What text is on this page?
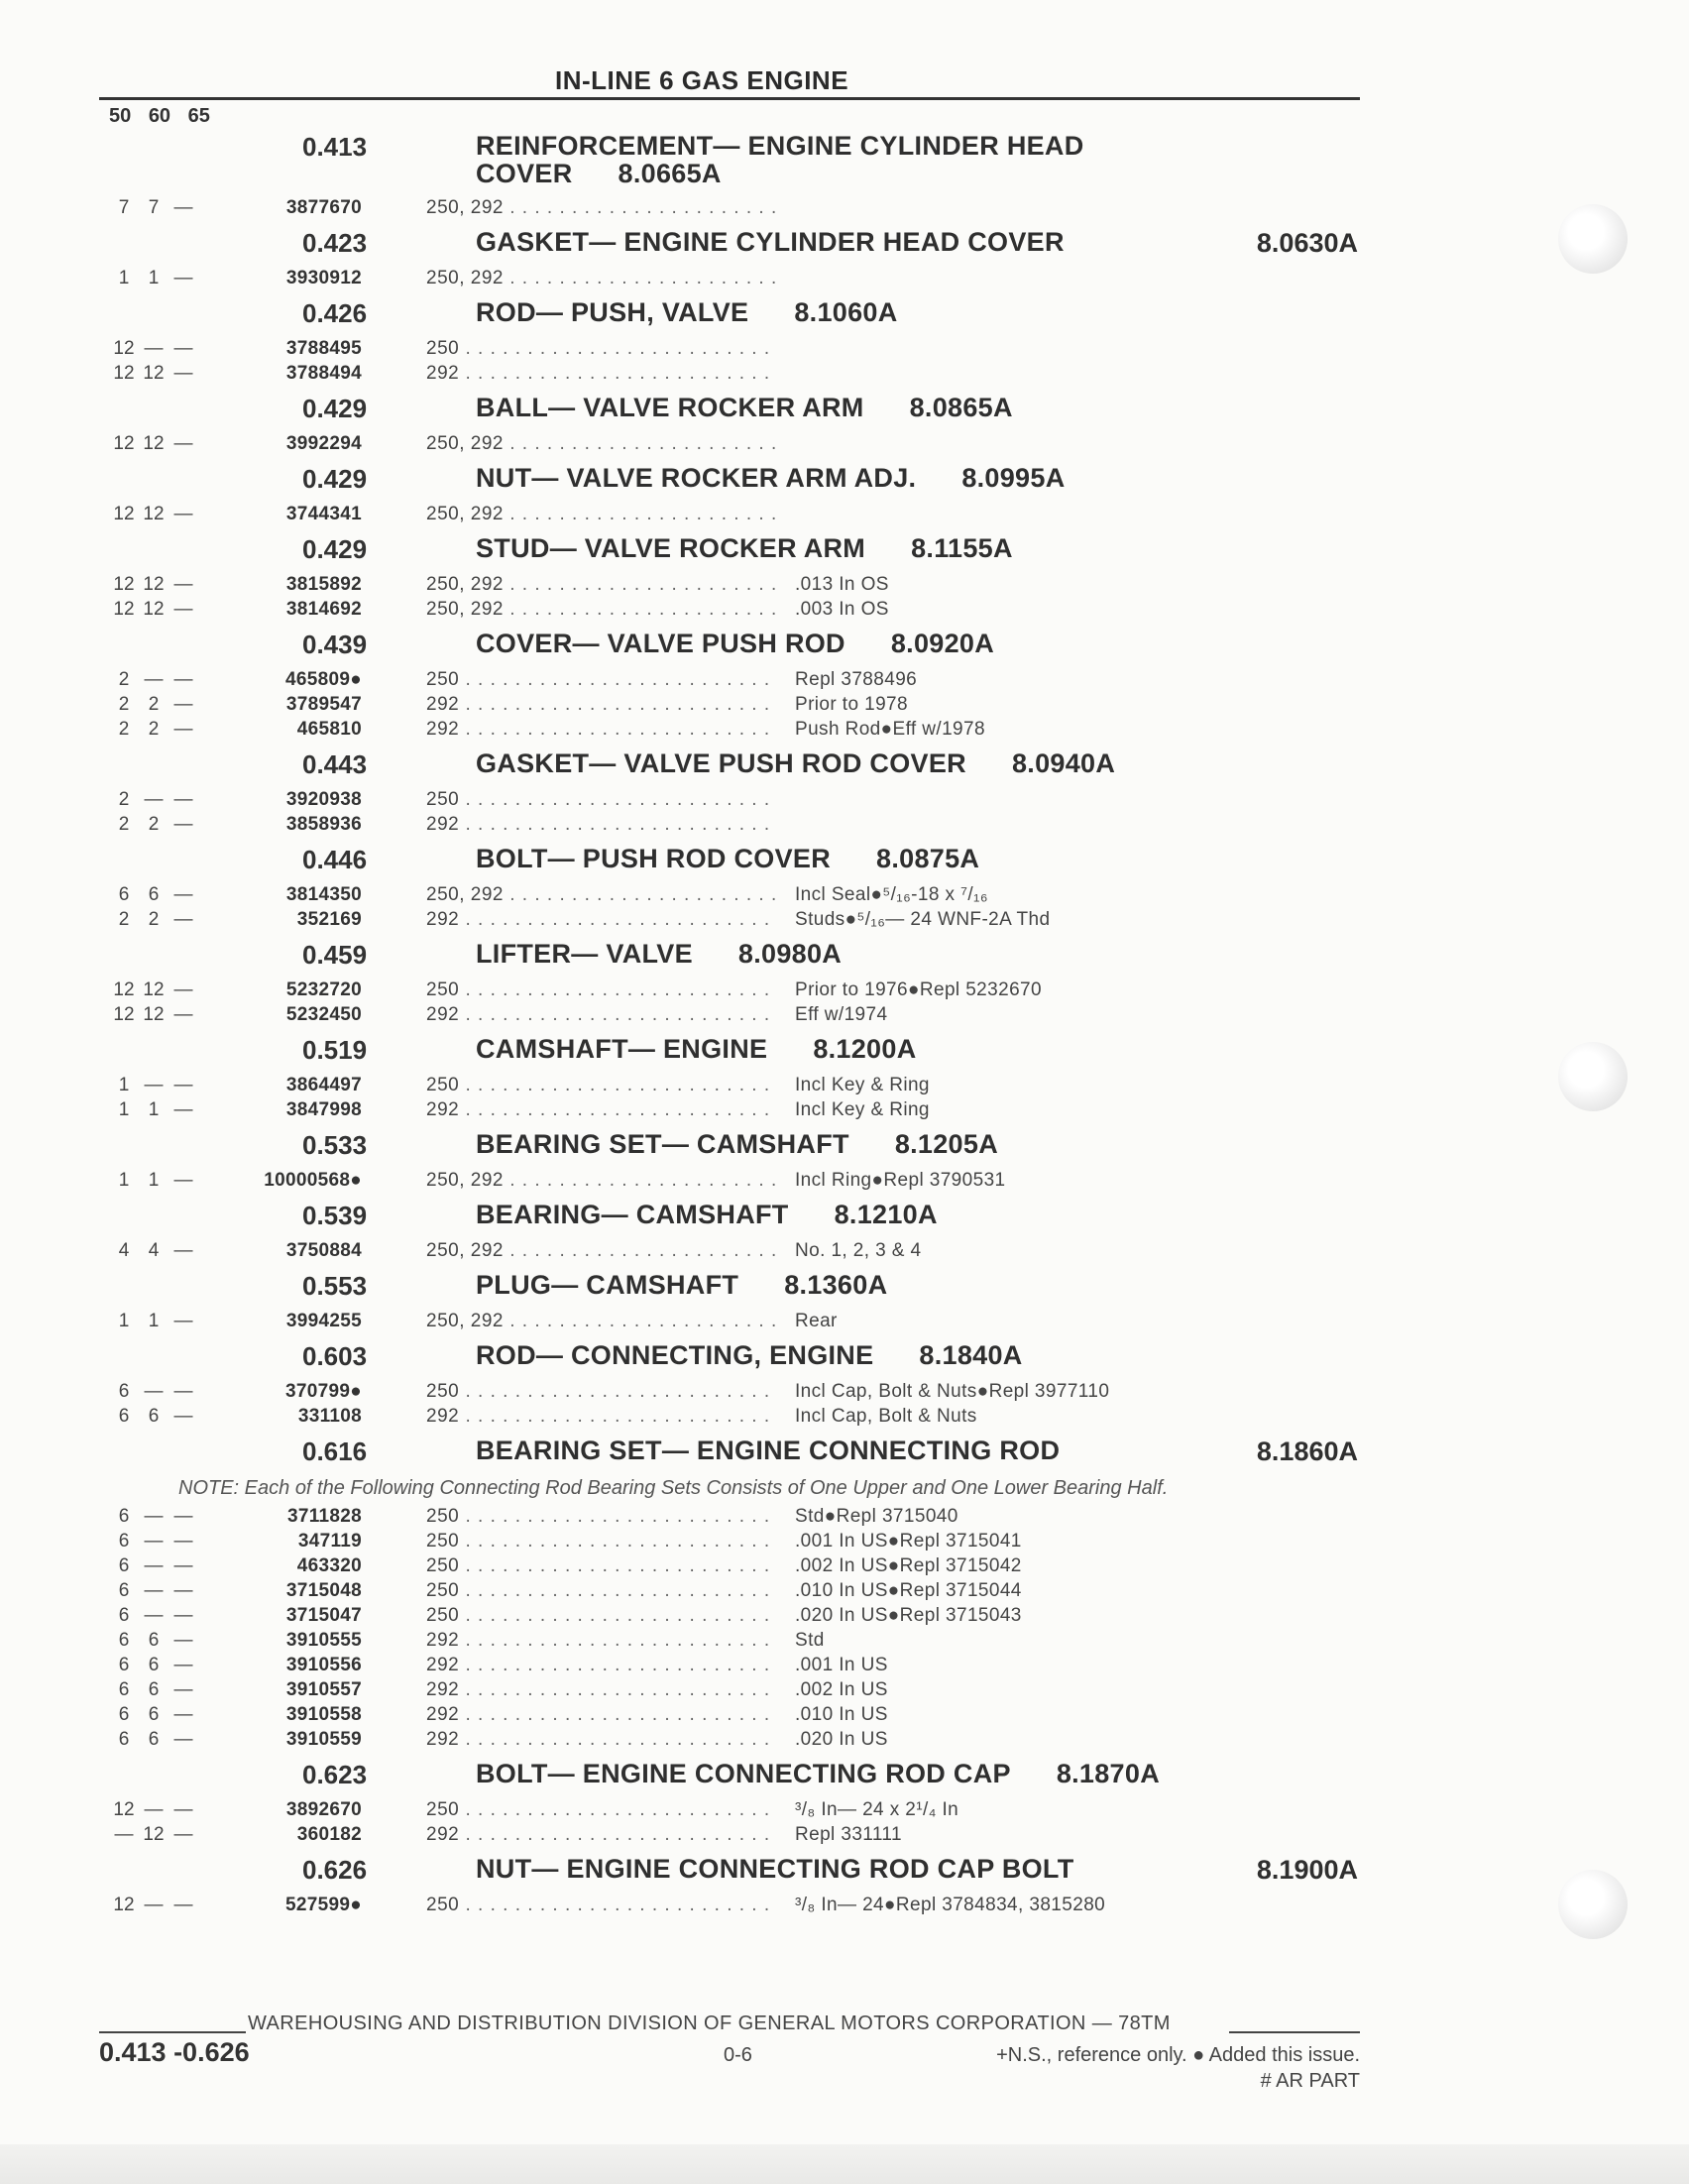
IN-LINE 6 GAS ENGINE
50 60 65
0.413	REINFORCEMENT— ENGINE CYLINDER HEAD
COVER 8.0665A
7 7 —	3877670	250, 292 . . .
0.423	GASKET— ENGINE CYLINDER HEAD COVER	8.0630A
1 1 —	3930912	250, 292 . . .
0.426	ROD— PUSH, VALVE 8.1060A
12 — —	3788495	250 . . .
12 12 —	3788494	292 . . .
0.429	BALL— VALVE ROCKER ARM 8.0865A
12 12 —	3992294	250, 292 . . .
0.429	NUT— VALVE ROCKER ARM ADJ. 8.0995A
12 12 —	3744341	250, 292 . . .
0.429	STUD— VALVE ROCKER ARM 8.1155A
12 12 —	3815892	250, 292 . . .	.013 In OS
12 12 —	3814692	250, 292 . . .	.003 In OS
0.439	COVER— VALVE PUSH ROD 8.0920A
2 — —	465809●	250 . . .	Repl 3788496
2 2 —	3789547	292 . . .	Prior to 1978
2 2 —	465810	292 . . .	Push Rod●Eff w/1978
0.443	GASKET— VALVE PUSH ROD COVER 8.0940A
2 — —	3920938	250 . . .
2 2 —	3858936	292 . . .
0.446	BOLT— PUSH ROD COVER 8.0875A
6 6 —	3814350	250, 292 . . .	Incl Seal●⁵/₁₆-18 x ⁷/₁₆
2 2 —	352169	292 . . .	Studs●⁵/₁₆— 24 WNF-2A Thd
0.459	LIFTER— VALVE 8.0980A
12 12 —	5232720	250 . . .	Prior to 1976●Repl 5232670
12 12 —	5232450	292 . . .	Eff w/1974
0.519	CAMSHAFT— ENGINE 8.1200A
1 — —	3864497	250 . . .	Incl Key & Ring
1 1 —	3847998	292 . . .	Incl Key & Ring
0.533	BEARING SET— CAMSHAFT 8.1205A
1 1 —	10000568●	250, 292 . . .	Incl Ring●Repl 3790531
0.539	BEARING— CAMSHAFT 8.1210A
4 4 —	3750884	250, 292 . . .	No. 1, 2, 3 & 4
0.553	PLUG— CAMSHAFT 8.1360A
1 1 —	3994255	250, 292 . . .	Rear
0.603	ROD— CONNECTING, ENGINE 8.1840A
6 — —	370799●	250 . . .	Incl Cap, Bolt & Nuts●Repl 3977110
6 6 —	331108	292 . . .	Incl Cap, Bolt & Nuts
0.616	BEARING SET— ENGINE CONNECTING ROD	8.1860A
NOTE: Each of the Following Connecting Rod Bearing Sets Consists of One Upper and One Lower Bearing Half.
6 — —	3711828	250 . . .	Std●Repl 3715040
6 — —	347119	250 . . .	.001 In US●Repl 3715041
6 — —	463320	250 . . .	.002 In US●Repl 3715042
6 — —	3715048	250 . . .	.010 In US●Repl 3715044
6 — —	3715047	250 . . .	.020 In US●Repl 3715043
6 6 —	3910555	292 . . .	Std
6 6 —	3910556	292 . . .	.001 In US
6 6 —	3910557	292 . . .	.002 In US
6 6 —	3910558	292 . . .	.010 In US
6 6 —	3910559	292 . . .	.020 In US
0.623	BOLT— ENGINE CONNECTING ROD CAP 8.1870A
12 — —	3892670	250 . . .	³/₈ In— 24 x 2¹/₄ In
— 12 —	360182	292 . . .	Repl 331111
0.626	NUT— ENGINE CONNECTING ROD CAP BOLT	8.1900A
12 — —	527599●	250 . . .	³/₈ In— 24●Repl 3784834, 3815280
WAREHOUSING AND DISTRIBUTION DIVISION OF GENERAL MOTORS CORPORATION — 78TM
0.413 -0.626	0-6	+N.S., reference only. ● Added this issue.
# AR PART
